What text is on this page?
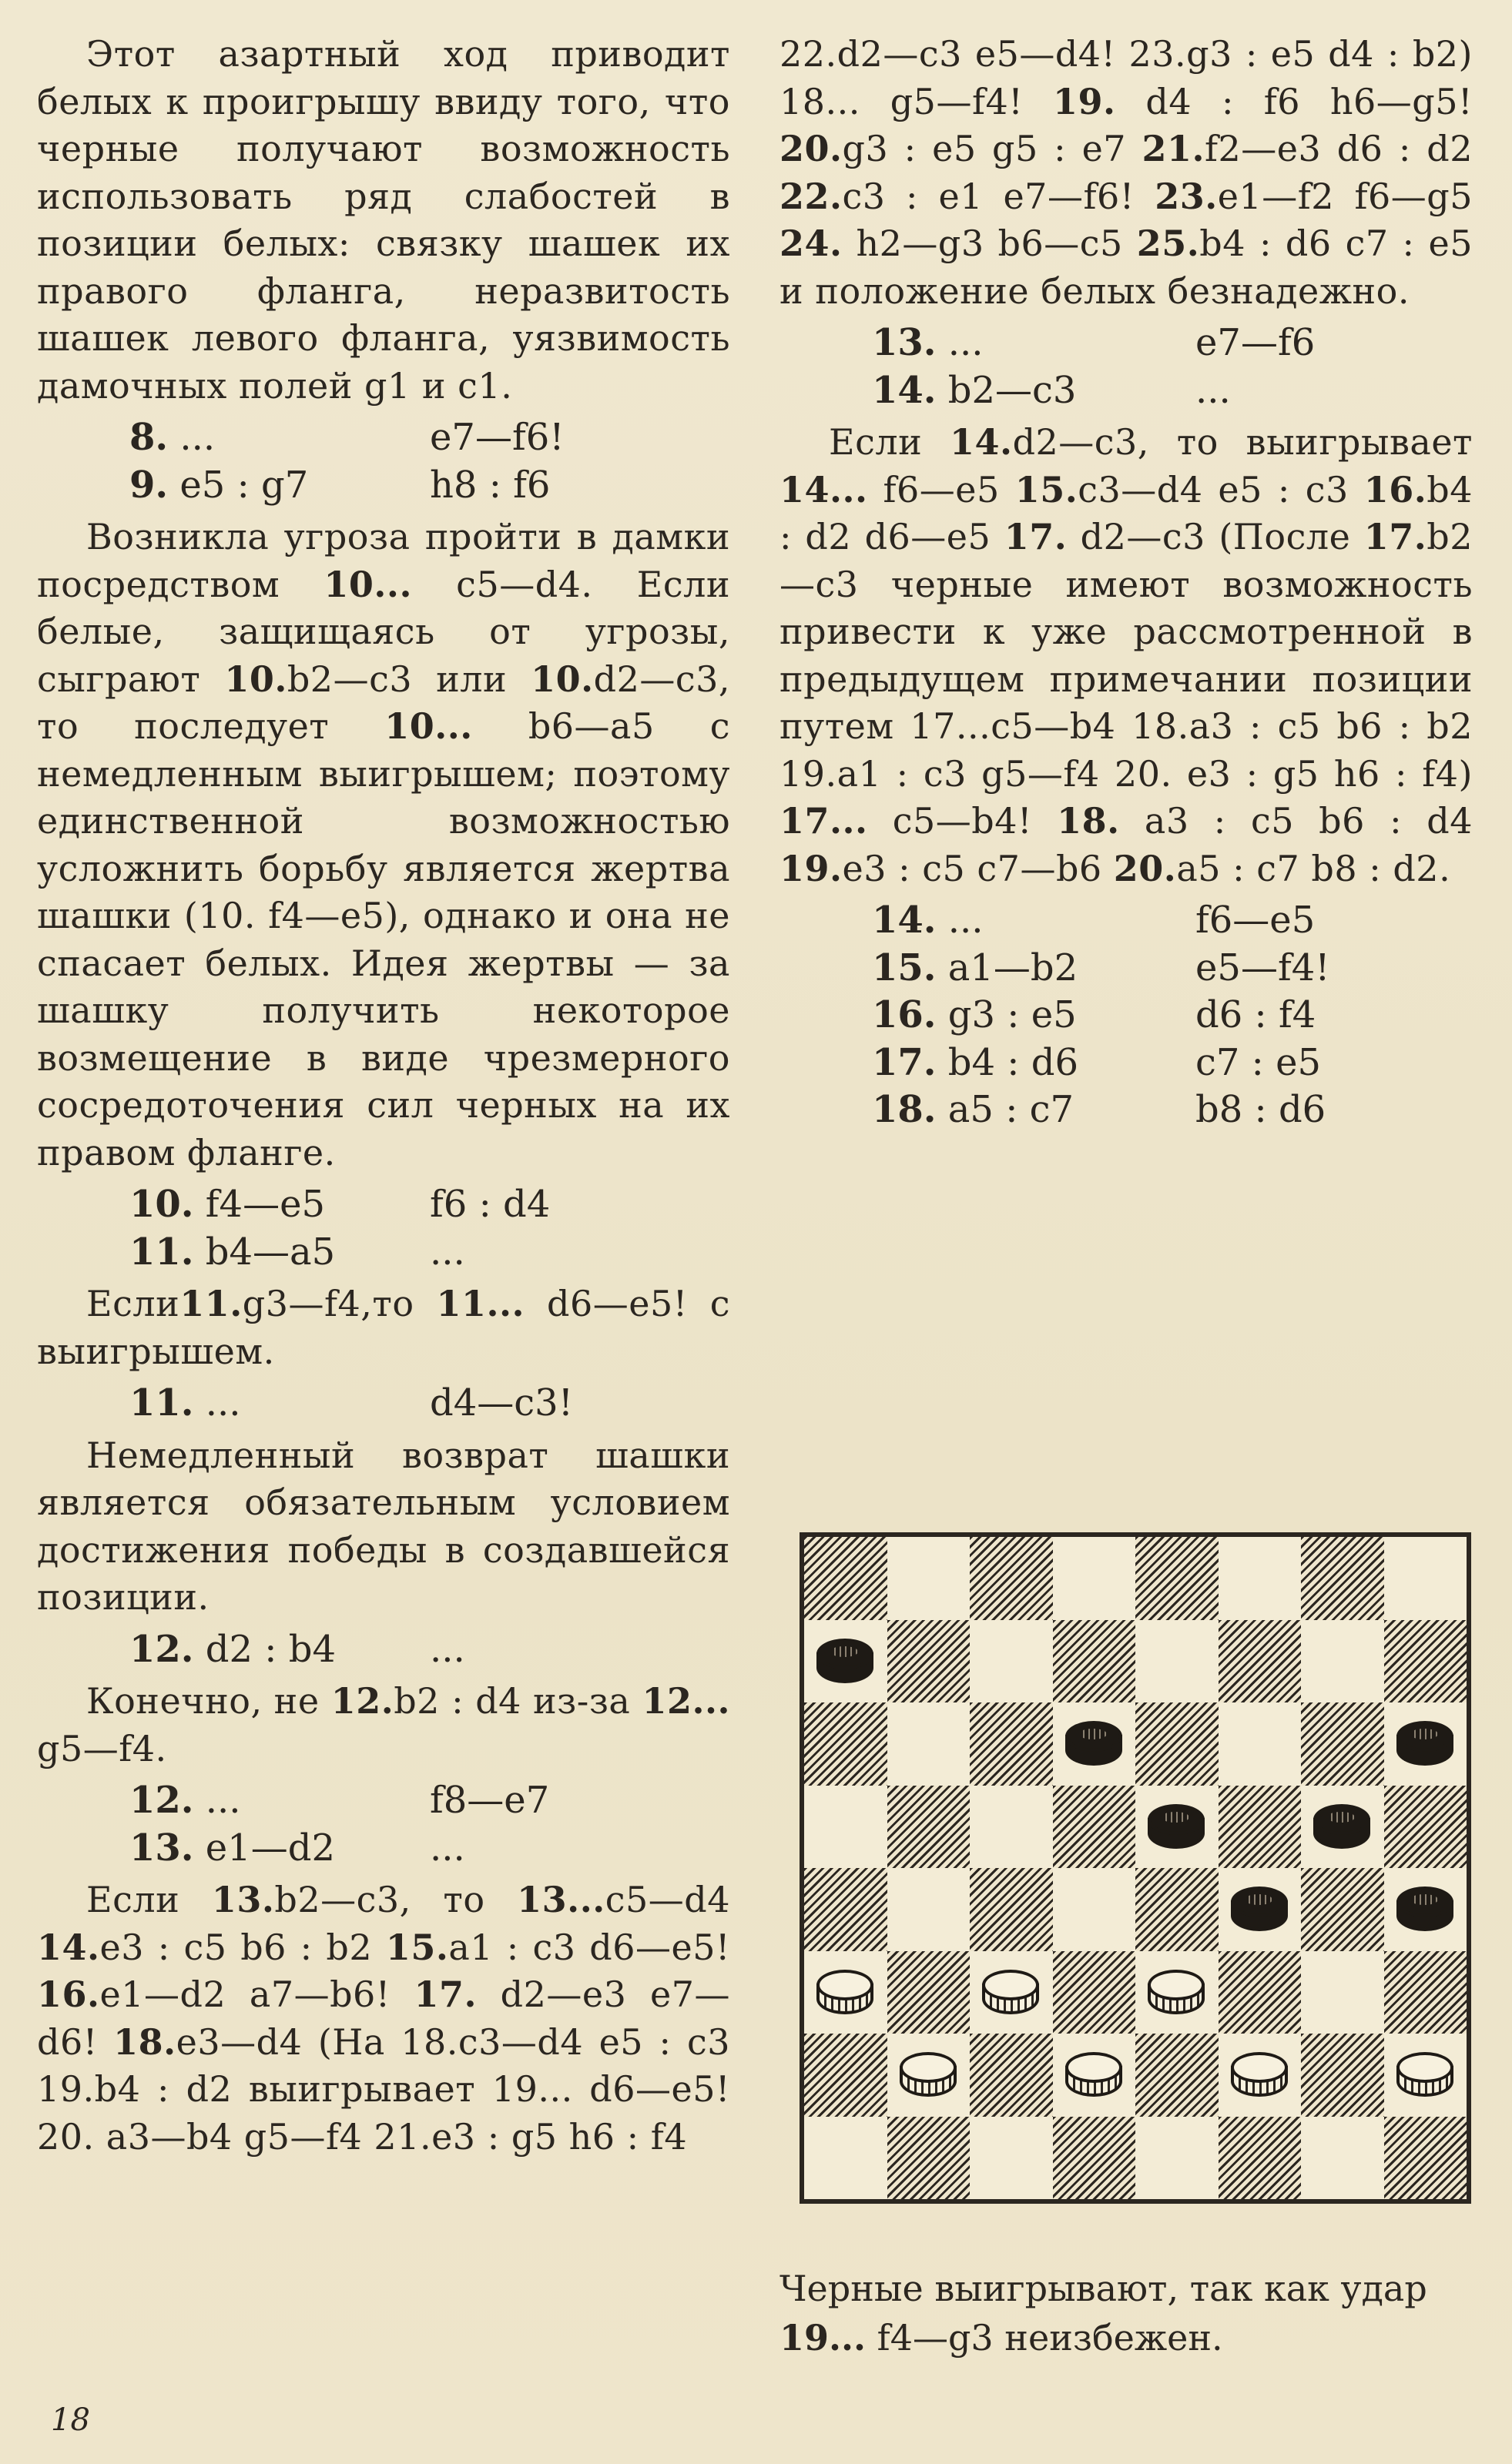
Этот азартный ход приводит белых к проигрышу ввиду того, что черные получают возможность использовать ряд слабостей в позиции белых: связку шашек их правого фланга, неразвитость шашек левого фланга, уязвимость дамочных полей g1 и c1.

8. ...	e7—f6!
9. e5 : g7	h8 : f6

Возникла угроза пройти в дамки посредством 10... c5—d4. Если белые, защищаясь от угрозы, сыграют 10.b2—c3 или 10.d2—c3, то последует 10... b6—a5 с немедленным выигрышем; поэтому единственной возможностью усложнить борьбу является жертва шашки (10. f4—e5), однако и она не спасает белых. Идея жертвы — за шашку получить некоторое возмещение в виде чрезмерного сосредоточения сил черных на их правом фланге.

10. f4—e5	f6 : d4
11. b4—a5	...

Если11.g3—f4,то 11... d6—e5! с выигрышем.

11. ...	d4—c3!

Немедленный возврат шашки является обязательным условием достижения победы в создавшейся позиции.

12. d2 : b4	...

Конечно, не 12.b2 : d4 из-за 12... g5—f4.

12. ...	f8—e7
13. e1—d2	...

Если 13.b2—c3, то 13...c5—d4 14.e3 : c5 b6 : b2 15.a1 : c3 d6—e5! 16.e1—d2 a7—b6! 17. d2—e3 e7—d6! 18.e3—d4 (На 18.c3—d4 e5 : c3 19.b4 : d2 выигрывает 19... d6—e5! 20. a3—b4 g5—f4 21.e3 : g5 h6 : f4

22.d2—c3 e5—d4! 23.g3 : e5 d4 : b2) 18... g5—f4! 19. d4 : f6 h6—g5! 20.g3 : e5 g5 : e7 21.f2—e3 d6 : d2 22.c3 : e1 e7—f6! 23.e1—f2 f6—g5 24. h2—g3 b6—c5 25.b4 : d6 c7 : e5 и положение белых безнадежно.

13. ...	e7—f6
14. b2—c3	...

Если 14.d2—c3, то выигрывает 14... f6—e5 15.c3—d4 e5 : c3 16.b4 : d2 d6—e5 17. d2—c3 (После 17.b2—c3 черные имеют возможность привести к уже рассмотренной в предыдущем примечании позиции путем 17...c5—b4 18.a3 : c5 b6 : b2 19.a1 : c3 g5—f4 20. e3 : g5 h6 : f4) 17... c5—b4! 18. a3 : c5 b6 : d4 19.e3 : c5 c7—b6 20.a5 : c7 b8 : d2.

14. ...	f6—e5
15. a1—b2	e5—f4!
16. g3 : e5	d6 : f4
17. b4 : d6	c7 : e5
18. a5 : c7	b8 : d6
Черные выигрывают, так как удар 19... f4—g3 неизбежен.
18
